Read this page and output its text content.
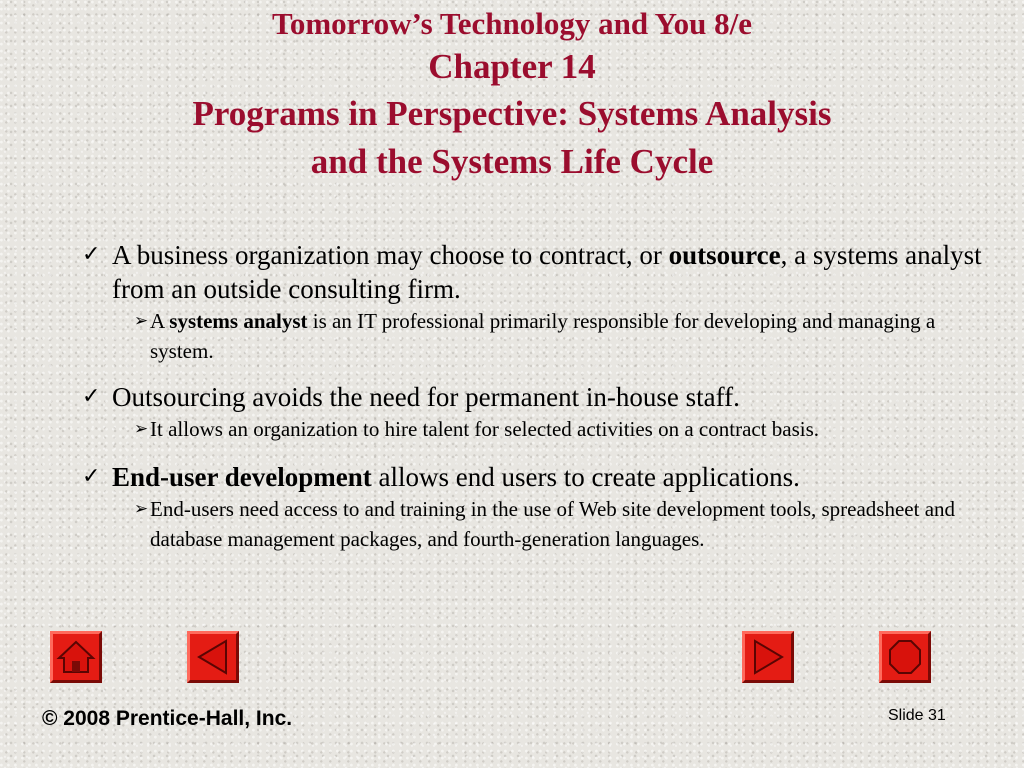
Tomorrow’s Technology and You 8/e
Chapter 14
Programs in Perspective: Systems Analysis
and the Systems Life Cycle

✓ A business organization may choose to contract, or outsource, a systems analyst from an outside consulting firm.

➢ A systems analyst is an IT professional primarily responsible for developing and managing a system.

✓ Outsourcing avoids the need for permanent in-house staff.

➢ It allows an organization to hire talent for selected activities on a contract basis.

✓ End-user development allows end users to create applications.

➢ End-users need access to and training in the use of Web site development tools, spreadsheet and database management packages, and fourth-generation languages.

© 2008 Prentice-Hall, Inc.	Slide 31
